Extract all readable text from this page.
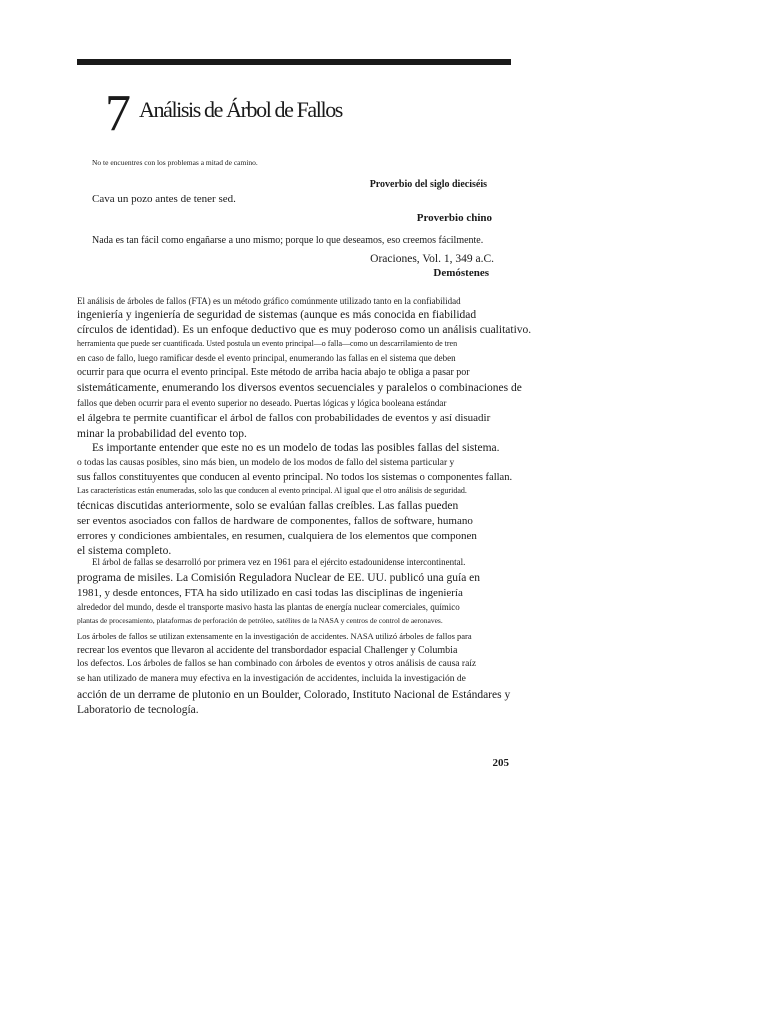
7 Análisis de Árbol de Fallos
No te encuentres con los problemas a mitad de camino.
Proverbio del siglo dieciséis
Cava un pozo antes de tener sed.
Proverbio chino
Nada es tan fácil como engañarse a uno mismo; porque lo que deseamos, eso creemos fácilmente.
Oraciones, Vol. 1, 349 a.C.
Demóstenes
El análisis de árboles de fallos (FTA) es un método gráfico comúnmente utilizado tanto en la confiabilidad
ingeniería y ingeniería de seguridad de sistemas (aunque es más conocida en fiabilidad
círculos de identidad). Es un enfoque deductivo que es muy poderoso como un análisis cualitativo.
herramienta que puede ser cuantificada. Usted postula un evento principal—o falla—como un descarrilamiento de tren
en caso de fallo, luego ramificar desde el evento principal, enumerando las fallas en el sistema que deben
ocurrir para que ocurra el evento principal. Este método de arriba hacia abajo te obliga a pasar por
sistemáticamente, enumerando los diversos eventos secuenciales y paralelos o combinaciones de
fallos que deben ocurrir para el evento superior no deseado. Puertas lógicas y lógica booleana estándar
el álgebra te permite cuantificar el árbol de fallos con probabilidades de eventos y así disuadir
minar la probabilidad del evento top.
Es importante entender que este no es un modelo de todas las posibles fallas del sistema.
o todas las causas posibles, sino más bien, un modelo de los modos de fallo del sistema particular y
sus fallos constituyentes que conducen al evento principal. No todos los sistemas o componentes fallan.
Las características están enumeradas, solo las que conducen al evento principal. Al igual que el otro análisis de seguridad.
técnicas discutidas anteriormente, solo se evalúan fallas creíbles. Las fallas pueden
ser eventos asociados con fallos de hardware de componentes, fallos de software, humano
errores y condiciones ambientales, en resumen, cualquiera de los elementos que componen
el sistema completo.
El árbol de fallas se desarrolló por primera vez en 1961 para el ejército estadounidense intercontinental.
programa de misiles. La Comisión Reguladora Nuclear de EE. UU. publicó una guía en
1981, y desde entonces, FTA ha sido utilizado en casi todas las disciplinas de ingeniería
alrededor del mundo, desde el transporte masivo hasta las plantas de energía nuclear comerciales, químico
plantas de procesamiento, plataformas de perforación de petróleo, satélites de la NASA y centros de control de aeronaves.
Los árboles de fallos se utilizan extensamente en la investigación de accidentes. NASA utilizó árboles de fallos para
recrear los eventos que llevaron al accidente del transbordador espacial Challenger y Columbia
los defectos. Los árboles de fallos se han combinado con árboles de eventos y otros análisis de causa raíz
se han utilizado de manera muy efectiva en la investigación de accidentes, incluida la investigación de
acción de un derrame de plutonio en un Boulder, Colorado, Instituto Nacional de Estándares y
Laboratorio de tecnología.
205
